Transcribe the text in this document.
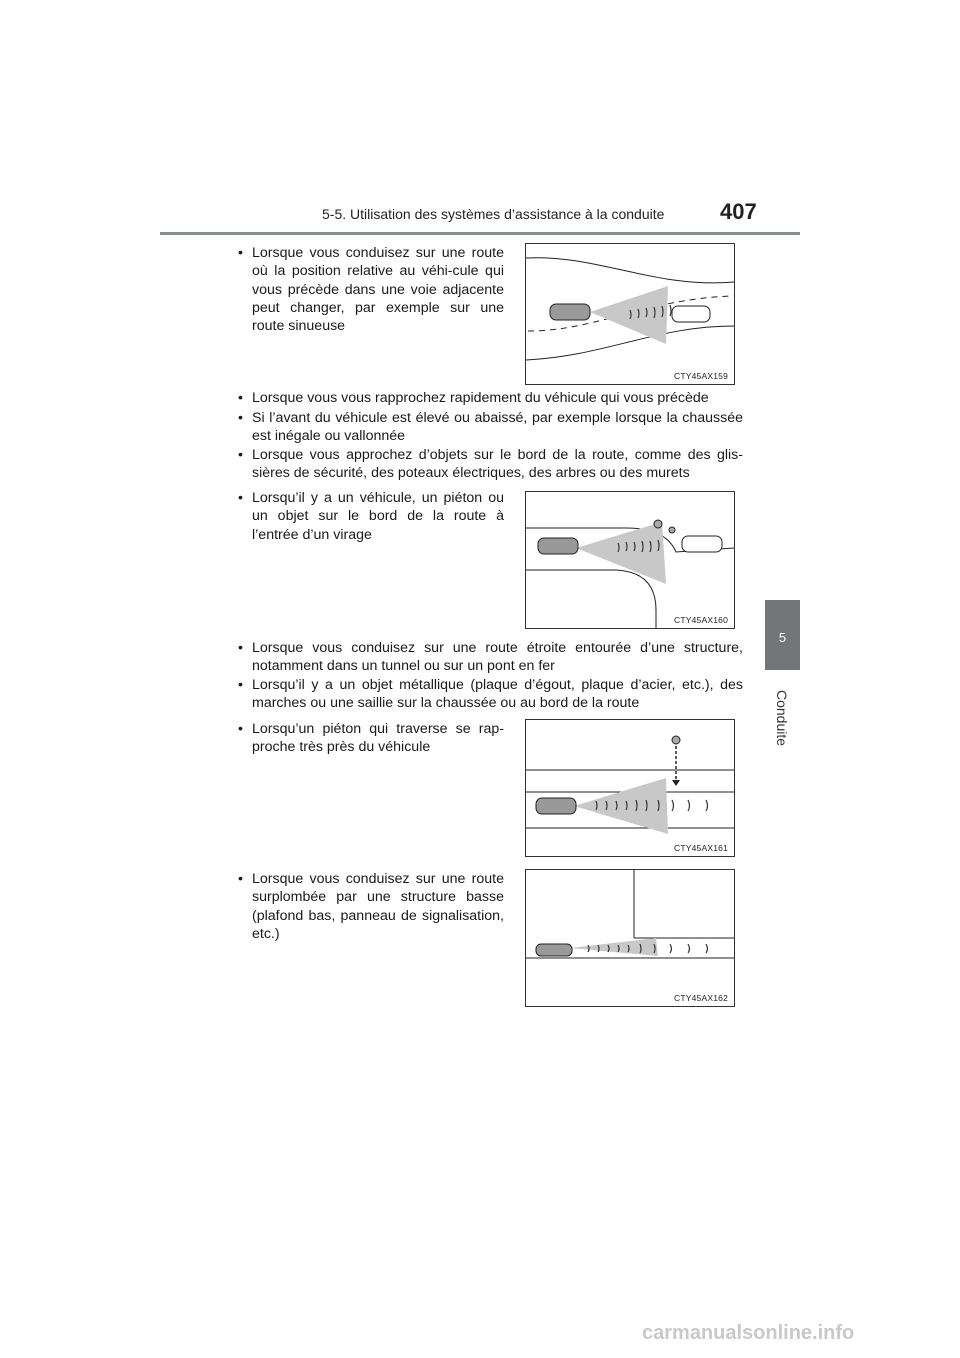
5-5. Utilisation des systèmes d’assistance à la conduite	407
5
Conduite
• Lorsque vous conduisez sur une route où la position relative au véhi-cule qui vous précède dans une voie adjacente peut changer, par exemple sur une route sinueuse
• Lorsque vous vous rapprochez rapidement du véhicule qui vous précède
• Si l’avant du véhicule est élevé ou abaissé, par exemple lorsque la chaussée est inégale ou vallonnée
• Lorsque vous approchez d’objets sur le bord de la route, comme des glis-sières de sécurité, des poteaux électriques, des arbres ou des murets
• Lorsqu’il y a un véhicule, un piéton ou un objet sur le bord de la route à l’entrée d’un virage
• Lorsque vous conduisez sur une route étroite entourée d’une structure, notamment dans un tunnel ou sur un pont en fer
• Lorsqu’il y a un objet métallique (plaque d’égout, plaque d’acier, etc.), des marches ou une saillie sur la chaussée ou au bord de la route
• Lorsqu’un piéton qui traverse se rap-proche très près du véhicule
• Lorsque vous conduisez sur une route surplombée par une structure basse (plafond bas, panneau de signalisation, etc.)
CTY45AX159
CTY45AX160
CTY45AX161
CTY45AX162
carmanualsonline.info
